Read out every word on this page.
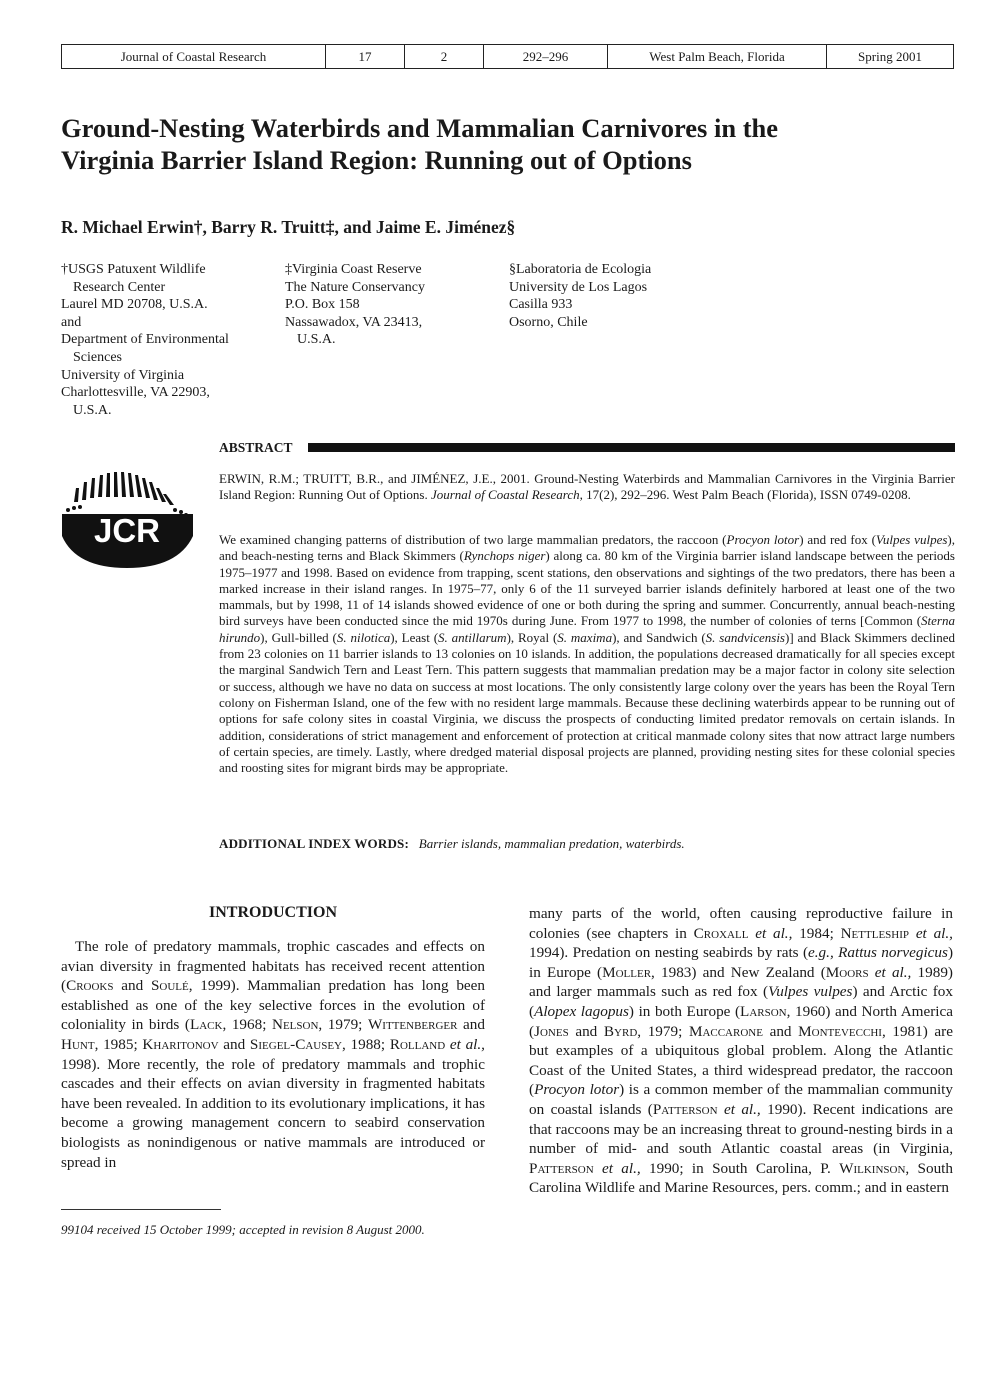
Journal of Coastal Research	17	2	292–296	West Palm Beach, Florida	Spring 2001
Ground-Nesting Waterbirds and Mammalian Carnivores in the Virginia Barrier Island Region: Running out of Options
R. Michael Erwin†, Barry R. Truitt‡, and Jaime E. Jiménez§
†USGS Patuxent Wildlife
Research Center
Laurel MD 20708, U.S.A.
and
Department of Environmental
Sciences
University of Virginia
Charlottesville, VA 22903,
U.S.A.
‡Virginia Coast Reserve
The Nature Conservancy
P.O. Box 158
Nassawadox, VA 23413,
U.S.A.
§Laboratoria de Ecologia
University de Los Lagos
Casilla 933
Osorno, Chile
ABSTRACT
JCR
ERWIN, R.M.; TRUITT, B.R., and JIMÉNEZ, J.E., 2001. Ground-Nesting Waterbirds and Mammalian Carnivores in the Virginia Barrier Island Region: Running Out of Options. Journal of Coastal Research, 17(2), 292–296. West Palm Beach (Florida), ISSN 0749-0208.
We examined changing patterns of distribution of two large mammalian predators, the raccoon (Procyon lotor) and red fox (Vulpes vulpes), and beach-nesting terns and Black Skimmers (Rynchops niger) along ca. 80 km of the Virginia barrier island landscape between the periods 1975–1977 and 1998. Based on evidence from trapping, scent stations, den observations and sightings of the two predators, there has been a marked increase in their island ranges. In 1975–77, only 6 of the 11 surveyed barrier islands definitely harbored at least one of the two mammals, but by 1998, 11 of 14 islands showed evidence of one or both during the spring and summer. Concurrently, annual beach-nesting bird surveys have been conducted since the mid 1970s during June. From 1977 to 1998, the number of colonies of terns [Common (Sterna hirundo), Gull-billed (S. nilotica), Least (S. antillarum), Royal (S. maxima), and Sandwich (S. sandvicensis)] and Black Skimmers declined from 23 colonies on 11 barrier islands to 13 colonies on 10 islands. In addition, the populations decreased dramatically for all species except the marginal Sandwich Tern and Least Tern. This pattern suggests that mammalian predation may be a major factor in colony site selection or success, although we have no data on success at most locations. The only consistently large colony over the years has been the Royal Tern colony on Fisherman Island, one of the few with no resident large mammals. Because these declining waterbirds appear to be running out of options for safe colony sites in coastal Virginia, we discuss the prospects of conducting limited predator removals on certain islands. In addition, considerations of strict management and enforcement of protection at critical manmade colony sites that now attract large numbers of certain species, are timely. Lastly, where dredged material disposal projects are planned, providing nesting sites for these colonial species and roosting sites for migrant birds may be appropriate.
ADDITIONAL INDEX WORDS: Barrier islands, mammalian predation, waterbirds.
INTRODUCTION

The role of predatory mammals, trophic cascades and effects on avian diversity in fragmented habitats has received recent attention (Crooks and Soulé, 1999). Mammalian predation has long been established as one of the key selective forces in the evolution of coloniality in birds (Lack, 1968; Nelson, 1979; Wittenberger and Hunt, 1985; Kharitonov and Siegel-Causey, 1988; Rolland et al., 1998). More recently, the role of predatory mammals and trophic cascades and their effects on avian diversity in fragmented habitats have been revealed. In addition to its evolutionary implications, it has become a growing management concern to seabird conservation biologists as nonindigenous or native mammals are introduced or spread in

many parts of the world, often causing reproductive failure in colonies (see chapters in Croxall et al., 1984; Nettleship et al., 1994). Predation on nesting seabirds by rats (e.g., Rattus norvegicus) in Europe (Moller, 1983) and New Zealand (Moors et al., 1989) and larger mammals such as red fox (Vulpes vulpes) and Arctic fox (Alopex lagopus) in both Europe (Larson, 1960) and North America (Jones and Byrd, 1979; Maccarone and Montevecchi, 1981) are but examples of a ubiquitous global problem. Along the Atlantic Coast of the United States, a third widespread predator, the raccoon (Procyon lotor) is a common member of the mammalian community on coastal islands (Patterson et al., 1990). Recent indications are that raccoons may be an increasing threat to ground-nesting birds in a number of mid- and south Atlantic coastal areas (in Virginia, Patterson et al., 1990; in South Carolina, P. Wilkinson, South Carolina Wildlife and Marine Resources, pers. comm.; and in eastern

99104 received 15 October 1999; accepted in revision 8 August 2000.
